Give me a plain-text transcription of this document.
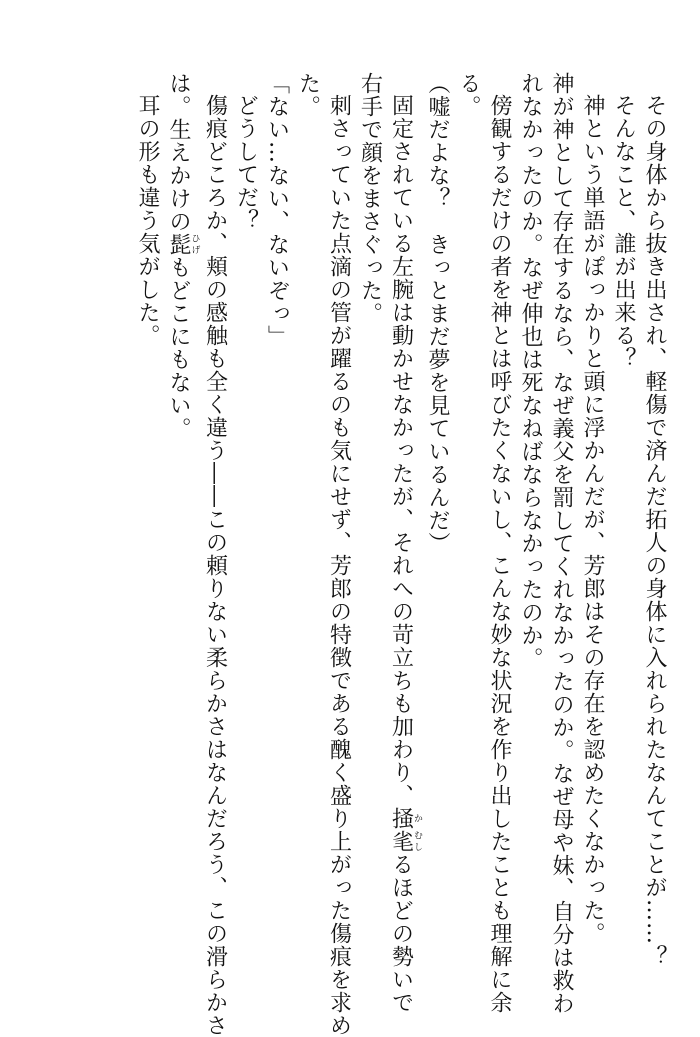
その身体から抜き出され、軽傷で済んだ拓人の身体に入れられたなんてことが……？
そんなこと、誰が出来る？
神という単語がぽっかりと頭に浮かんだが、芳郎はその存在を認めたくなかった。
神が神として存在するなら、なぜ義父を罰してくれなかったのか。なぜ母や妹、自分は救わ
れなかったのか。なぜ伸也は死なねばならなかったのか。
傍観するだけの者を神とは呼びたくないし、こんな妙な状況を作り出したことも理解に余
る。
（嘘だよな？　きっとまだ夢を見ているんだ）
固定されている左腕は動かせなかったが、それへの苛立ちも加わり、掻か毟むしるほどの勢いで
右手で顔をまさぐった。
刺さっていた点滴の管が躍るのも気にせず、芳郎の特徴である醜く盛り上がった傷痕を求め
た。
「ない…ない、ないぞっ」
どうしてだ？
傷痕どころか、頬の感触も全く違う――この頼りない柔らかさはなんだろう、この滑らかさ
は。生えかけの髭ひげもどこにもない。
耳の形も違う気がした。
